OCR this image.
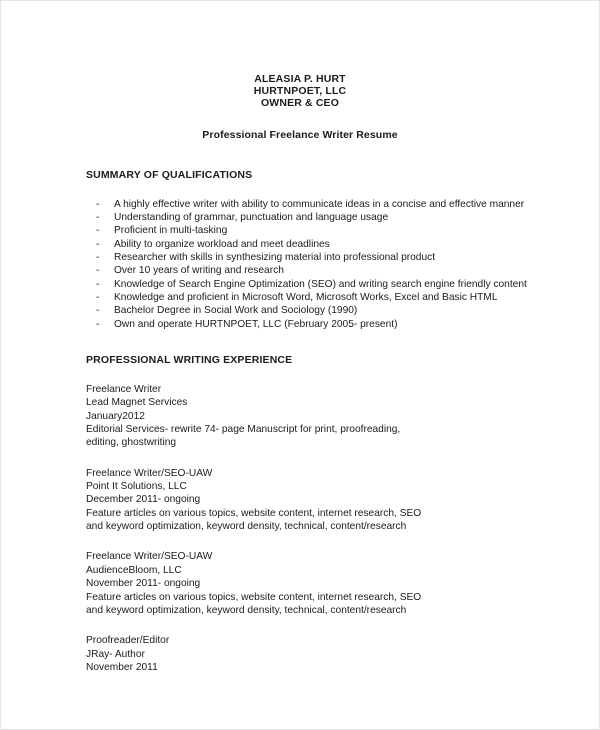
ALEASIA P. HURT
HURTNPOET, LLC
OWNER & CEO
Professional Freelance Writer Resume
SUMMARY OF QUALIFICATIONS
- A highly effective writer with ability to communicate ideas in a concise and effective manner
- Understanding of grammar, punctuation and language usage
- Proficient in multi-tasking
- Ability to organize workload and meet deadlines
- Researcher with skills in synthesizing material into professional product
- Over 10 years of writing and research
- Knowledge of Search Engine Optimization (SEO) and writing search engine friendly content
- Knowledge and proficient in Microsoft Word, Microsoft Works, Excel and Basic HTML
- Bachelor Degree in Social Work and Sociology (1990)
- Own and operate HURTNPOET, LLC (February 2005- present)
PROFESSIONAL WRITING EXPERIENCE
Freelance Writer
Lead Magnet Services
January2012
Editorial Services- rewrite 74- page Manuscript for print, proofreading,
editing, ghostwriting
Freelance Writer/SEO-UAW
Point It Solutions, LLC
December 2011- ongoing
Feature articles on various topics, website content, internet research, SEO
and keyword optimization, keyword density, technical, content/research
Freelance Writer/SEO-UAW
AudienceBloom, LLC
November 2011- ongoing
Feature articles on various topics, website content, internet research, SEO
and keyword optimization, keyword density, technical, content/research
Proofreader/Editor
JRay- Author
November 2011
